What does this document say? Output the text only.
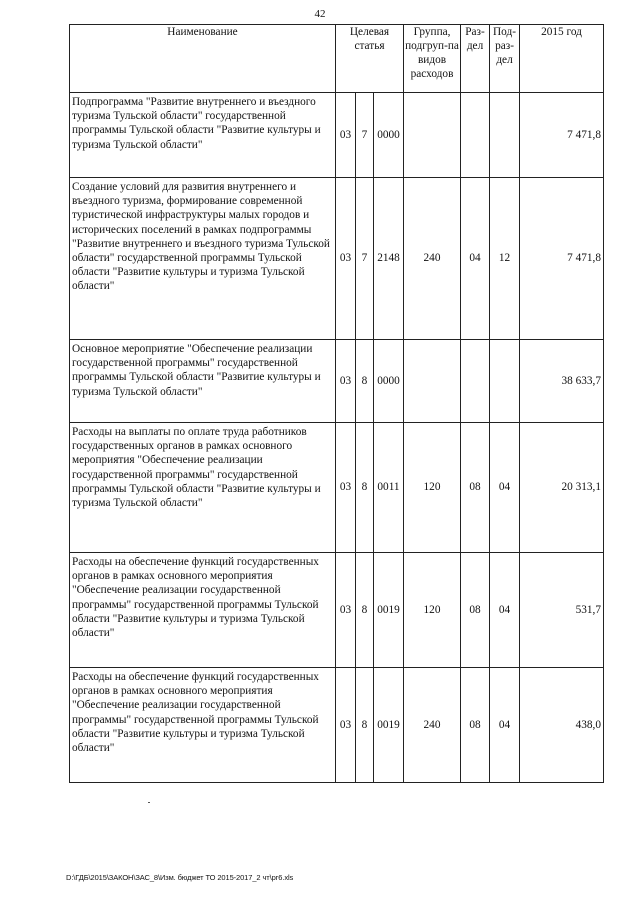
42
Наименование	Целевая статья			Группа, подгруп-па видов расходов	Раз-дел	Под-раз-дел	2015 год
Подпрограмма "Развитие внутреннего и въездного туризма Тульской области" государственной программы Тульской области "Развитие культуры и туризма Тульской области"	03	7	0000				7 471,8
Создание условий для развития внутреннего и въездного туризма, формирование современной туристической инфраструктуры малых городов и исторических поселений в рамках подпрограммы "Развитие внутреннего и въездного туризма Тульской области" государственной программы Тульской области "Развитие культуры и туризма Тульской области"	03	7	2148	240	04	12	7 471,8
Основное мероприятие "Обеспечение реализации государственной программы" государственной программы Тульской области "Развитие культуры и туризма Тульской области"	03	8	0000				38 633,7
Расходы на выплаты по оплате труда работников государственных органов в рамках основного мероприятия "Обеспечение реализации государственной программы" государственной программы Тульской области "Развитие культуры и туризма Тульской области"	03	8	0011	120	08	04	20 313,1
Расходы на обеспечение функций государственных органов в рамках основного мероприятия "Обеспечение реализации государственной программы" государственной программы Тульской области "Развитие культуры и туризма Тульской области"	03	8	0019	120	08	04	531,7
Расходы на обеспечение функций государственных органов в рамках основного мероприятия "Обеспечение реализации государственной программы" государственной программы Тульской области "Развитие культуры и туризма Тульской области"	03	8	0019	240	08	04	438,0
D:\ГДБ\2015\ЗАКОН\ЗАС_8\Изм. бюджет ТО 2015-2017_2 чт\рг6.xls
